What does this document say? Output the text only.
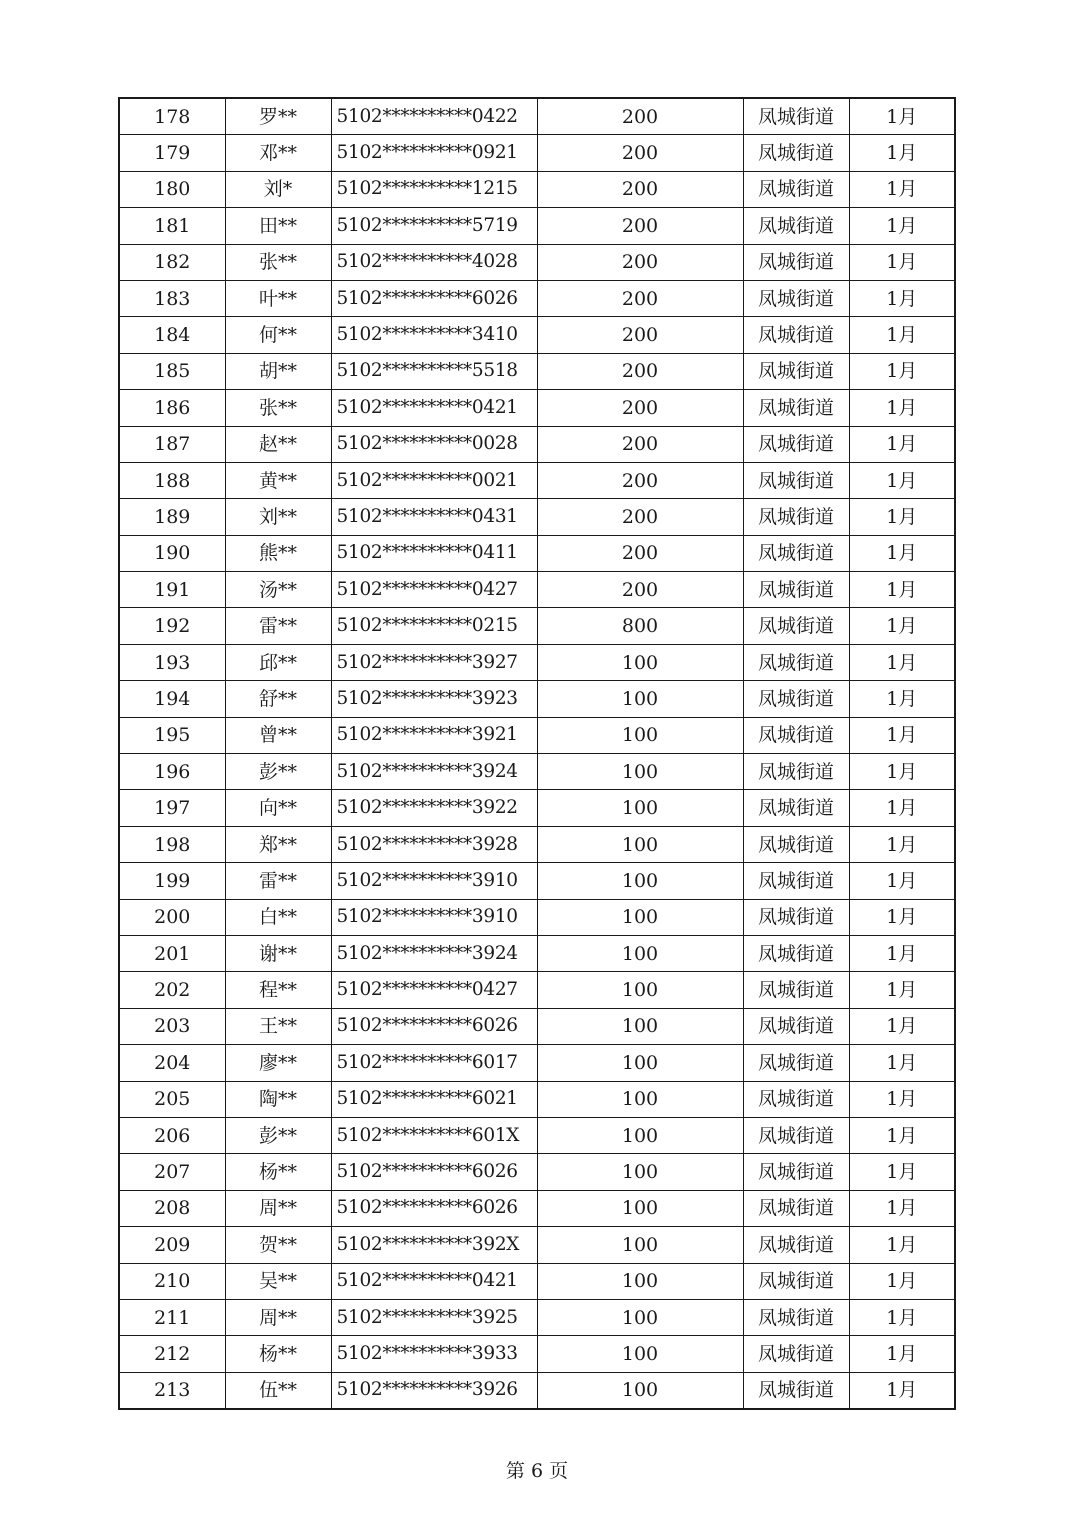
178	罗**	5102**********0422	200	凤城街道	1月
179	邓**	5102**********0921	200	凤城街道	1月
180	刘*	5102**********1215	200	凤城街道	1月
181	田**	5102**********5719	200	凤城街道	1月
182	张**	5102**********4028	200	凤城街道	1月
183	叶**	5102**********6026	200	凤城街道	1月
184	何**	5102**********3410	200	凤城街道	1月
185	胡**	5102**********5518	200	凤城街道	1月
186	张**	5102**********0421	200	凤城街道	1月
187	赵**	5102**********0028	200	凤城街道	1月
188	黄**	5102**********0021	200	凤城街道	1月
189	刘**	5102**********0431	200	凤城街道	1月
190	熊**	5102**********0411	200	凤城街道	1月
191	汤**	5102**********0427	200	凤城街道	1月
192	雷**	5102**********0215	800	凤城街道	1月
193	邱**	5102**********3927	100	凤城街道	1月
194	舒**	5102**********3923	100	凤城街道	1月
195	曾**	5102**********3921	100	凤城街道	1月
196	彭**	5102**********3924	100	凤城街道	1月
197	向**	5102**********3922	100	凤城街道	1月
198	郑**	5102**********3928	100	凤城街道	1月
199	雷**	5102**********3910	100	凤城街道	1月
200	白**	5102**********3910	100	凤城街道	1月
201	谢**	5102**********3924	100	凤城街道	1月
202	程**	5102**********0427	100	凤城街道	1月
203	王**	5102**********6026	100	凤城街道	1月
204	廖**	5102**********6017	100	凤城街道	1月
205	陶**	5102**********6021	100	凤城街道	1月
206	彭**	5102**********601X	100	凤城街道	1月
207	杨**	5102**********6026	100	凤城街道	1月
208	周**	5102**********6026	100	凤城街道	1月
209	贺**	5102**********392X	100	凤城街道	1月
210	吴**	5102**********0421	100	凤城街道	1月
211	周**	5102**********3925	100	凤城街道	1月
212	杨**	5102**********3933	100	凤城街道	1月
213	伍**	5102**********3926	100	凤城街道	1月
第 6 页
